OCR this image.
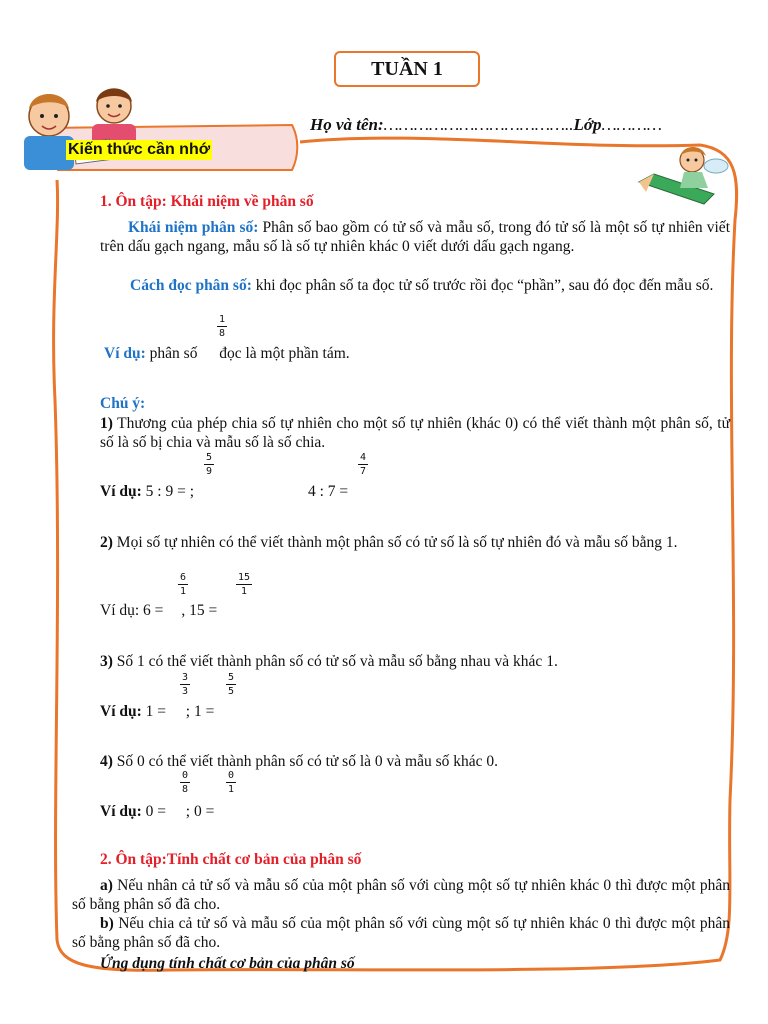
TUẦN 1
Họ và tên:………………………………..Lớp…………
Kiến thức cần nhớ
1. Ôn tập: Khái niệm về phân số
Khái niệm phân số: Phân số bao gồm có tử số và mẫu số, trong đó tử số là một số tự nhiên viết trên dấu gạch ngang, mẫu số là số tự nhiên khác 0 viết dưới dấu gạch ngang.
Cách đọc phân số: khi đọc phân số ta đọc tử số trước rồi đọc “phần”, sau đó đọc đến mẫu số.
Ví dụ: phân số  đọc là một phần tám.
1
8
Chú ý:
1) Thương của phép chia số tự nhiên cho một số tự nhiên (khác 0) có thể viết thành một phân số, tử số là số bị chia và mẫu số là số chia.
Ví dụ: 5 : 9 = ;	4 : 7 =
5
9
4
7
2) Mọi số tự nhiên có thể viết thành một phân số có tử số là số tự nhiên đó và mẫu số bằng 1.
Ví dụ: 6 = , 15 =
6
1
15
1
3) Số 1 có thể viết thành phân số có tử số và mẫu số bằng nhau và khác 1.
Ví dụ: 1 =  ; 1 =
3
3
5
5
4) Số 0 có thể viết thành phân số có tử số là 0 và mẫu số khác 0.
Ví dụ: 0 =  ; 0 =
0
8
0
1
2. Ôn tập:Tính chất cơ bản của phân số
a) Nếu nhân cả tử số và mẫu số của một phân số với cùng một số tự nhiên khác 0 thì được một phân số bằng phân số đã cho.
b) Nếu chia cả tử số và mẫu số của một phân số với cùng một số tự nhiên khác 0 thì được một phân số bằng phân số đã cho.
Ứng dụng tính chất cơ bản của phân số
